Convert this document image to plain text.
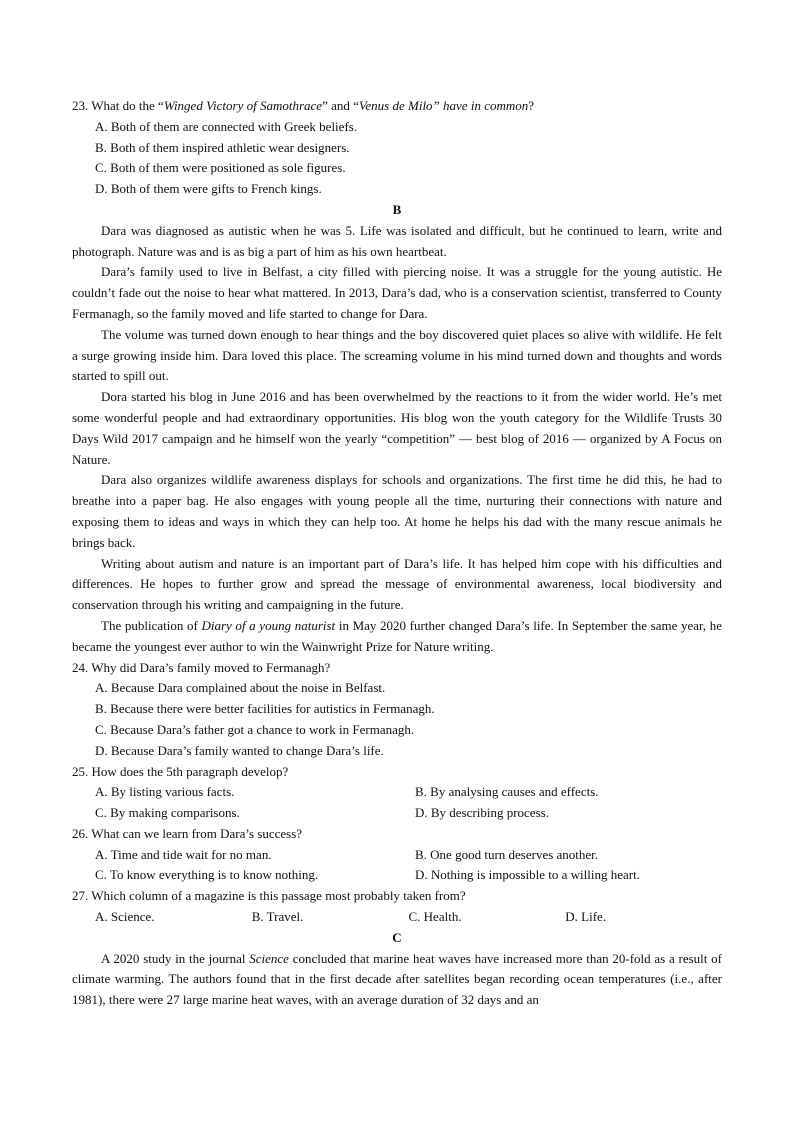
23. What do the “Winged Victory of Samothrace” and “Venus de Milo” have in common?
A. Both of them are connected with Greek beliefs.
B. Both of them inspired athletic wear designers.
C. Both of them were positioned as sole figures.
D. Both of them were gifts to French kings.
B
Dara was diagnosed as autistic when he was 5. Life was isolated and difficult, but he continued to learn, write and photograph. Nature was and is as big a part of him as his own heartbeat.
Dara’s family used to live in Belfast, a city filled with piercing noise. It was a struggle for the young autistic. He couldn’t fade out the noise to hear what mattered. In 2013, Dara’s dad, who is a conservation scientist, transferred to County Fermanagh, so the family moved and life started to change for Dara.
The volume was turned down enough to hear things and the boy discovered quiet places so alive with wildlife. He felt a surge growing inside him. Dara loved this place. The screaming volume in his mind turned down and thoughts and words started to spill out.
Dora started his blog in June 2016 and has been overwhelmed by the reactions to it from the wider world. He’s met some wonderful people and had extraordinary opportunities. His blog won the youth category for the Wildlife Trusts 30 Days Wild 2017 campaign and he himself won the yearly “competition” — best blog of 2016 — organized by A Focus on Nature.
Dara also organizes wildlife awareness displays for schools and organizations. The first time he did this, he had to breathe into a paper bag. He also engages with young people all the time, nurturing their connections with nature and exposing them to ideas and ways in which they can help too. At home he helps his dad with the many rescue animals he brings back.
Writing about autism and nature is an important part of Dara’s life. It has helped him cope with his difficulties and differences. He hopes to further grow and spread the message of environmental awareness, local biodiversity and conservation through his writing and campaigning in the future.
The publication of Diary of a young naturist in May 2020 further changed Dara’s life. In September the same year, he became the youngest ever author to win the Wainwright Prize for Nature writing.
24. Why did Dara’s family moved to Fermanagh?
A. Because Dara complained about the noise in Belfast.
B. Because there were better facilities for autistics in Fermanagh.
C. Because Dara’s father got a chance to work in Fermanagh.
D. Because Dara’s family wanted to change Dara’s life.
25. How does the 5th paragraph develop?
A. By listing various facts.	B. By analysing causes and effects.
C. By making comparisons.	D. By describing process.
26. What can we learn from Dara’s success?
A. Time and tide wait for no man.	B. One good turn deserves another.
C. To know everything is to know nothing.	D. Nothing is impossible to a willing heart.
27. Which column of a magazine is this passage most probably taken from?
A. Science.	B. Travel.	C. Health.	D. Life.
C
A 2020 study in the journal Science concluded that marine heat waves have increased more than 20-fold as a result of climate warming. The authors found that in the first decade after satellites began recording ocean temperatures (i.e., after 1981), there were 27 large marine heat waves, with an average duration of 32 days and an
